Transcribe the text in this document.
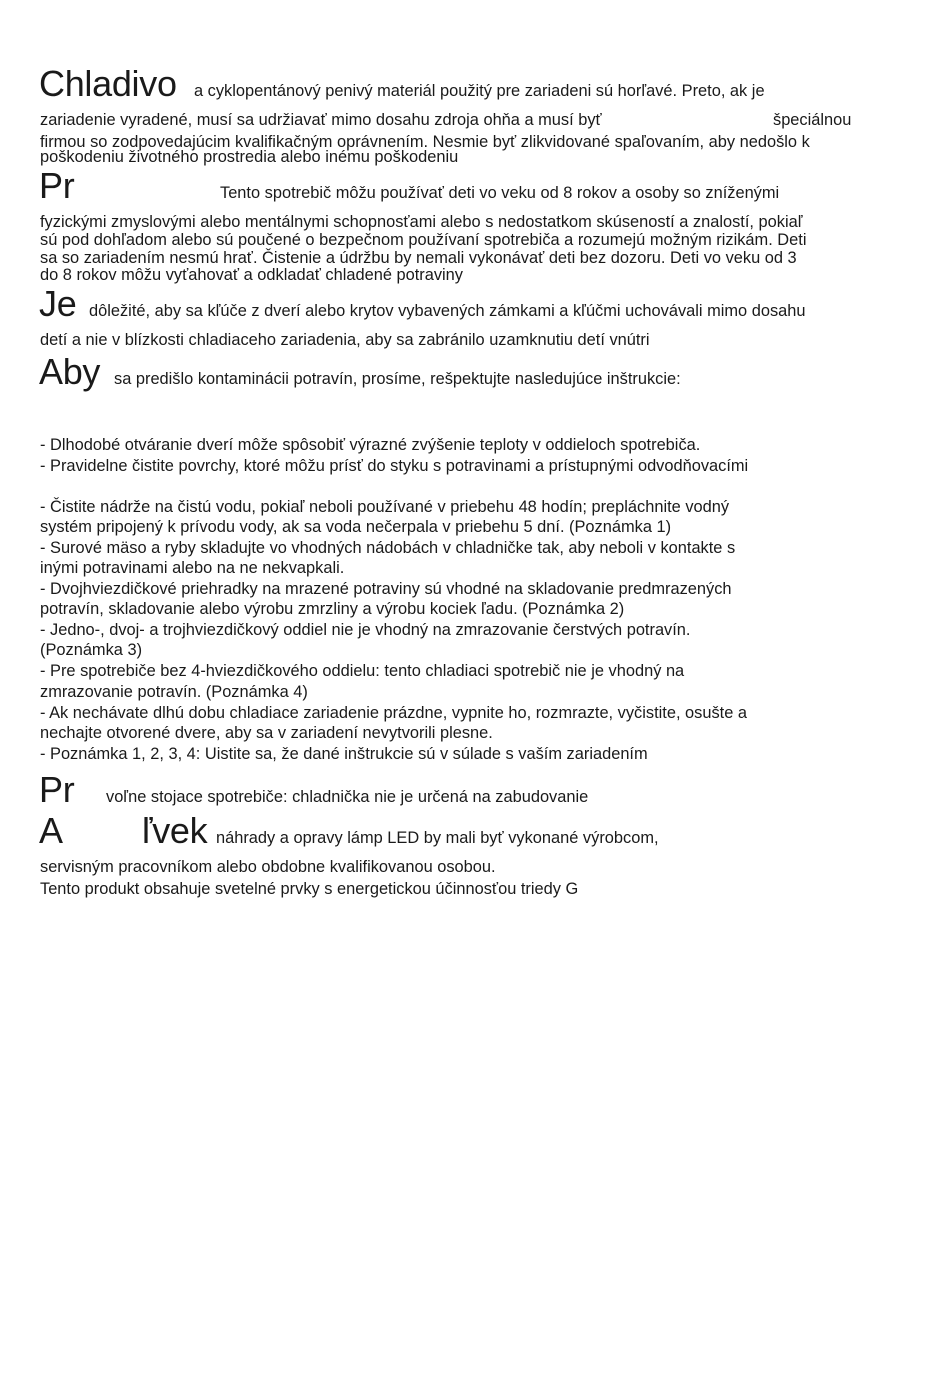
Chladivo a cyklopentánový penivý materiál použitý pre zariadeni sú horľavé. Preto, ak je
zariadenie vyradené, musí sa udržiavať mimo dosahu zdroja ohňa a musí byť	špeciálnou
firmou so zodpovedajúcim kvalifikačným oprávnením. Nesmie byť zlikvidované spaľovaním, aby nedošlo k
poškodeniu životného prostredia alebo inému poškodeniu
Pr	Tento spotrebič môžu používať deti vo veku od 8 rokov a osoby so zníženými
fyzickými zmyslovými alebo mentálnymi schopnosťami alebo s nedostatkom skúseností a znalostí, pokiaľ
sú pod dohľadom alebo sú poučené o bezpečnom používaní spotrebiča a rozumejú možným rizikám. Deti
sa so zariadením nesmú hrať. Čistenie a údržbu by nemali vykonávať deti bez dozoru. Deti vo veku od 3
do 8 rokov môžu vyťahovať a odkladať chladené potraviny
Je dôležité, aby sa kľúče z dverí alebo krytov vybavených zámkami a kľúčmi uchovávali mimo dosahu
detí a nie v blízkosti chladiaceho zariadenia, aby sa zabránilo uzamknutiu detí vnútri
Aby sa predišlo kontaminácii potravín, prosíme, rešpektujte nasledujúce inštrukcie:
- Dlhodobé otváranie dverí môže spôsobiť výrazné zvýšenie teploty v oddieloch spotrebiča.
- Pravidelne čistite povrchy, ktoré môžu prísť do styku s potravinami a prístupnými odvodňovacími
- Čistite nádrže na čistú vodu, pokiaľ neboli používané v priebehu 48 hodín; prepláchnite vodný
systém pripojený k prívodu vody, ak sa voda nečerpala v priebehu 5 dní. (Poznámka 1)
- Surové mäso a ryby skladujte vo vhodných nádobách v chladničke tak, aby neboli v kontakte s
inými potravinami alebo na ne nekvapkali.
- Dvojhviezdičkové priehradky na mrazené potraviny sú vhodné na skladovanie predmrazených
potravín, skladovanie alebo výrobu zmrzliny a výrobu kociek ľadu. (Poznámka 2)
- Jedno-, dvoj- a trojhviezdičkový oddiel nie je vhodný na zmrazovanie čerstvých potravín.
(Poznámka 3)
- Pre spotrebiče bez 4-hviezdičkového oddielu: tento chladiaci spotrebič nie je vhodný na
zmrazovanie potravín. (Poznámka 4)
- Ak nechávate dlhú dobu chladiace zariadenie prázdne, vypnite ho, rozmrazte, vyčistite, osušte a
nechajte otvorené dvere, aby sa v zariadení nevytvorili plesne.
- Poznámka 1, 2, 3, 4: Uistite sa, že dané inštrukcie sú v súlade s vaším zariadením
Pr voľne stojace spotrebiče: chladnička nie je určená na zabudovanie
A ľvek náhrady a opravy lámp LED by mali byť vykonané výrobcom,
servisným pracovníkom alebo obdobne kvalifikovanou osobou.
Tento produkt obsahuje svetelné prvky s energetickou účinnosťou triedy G
